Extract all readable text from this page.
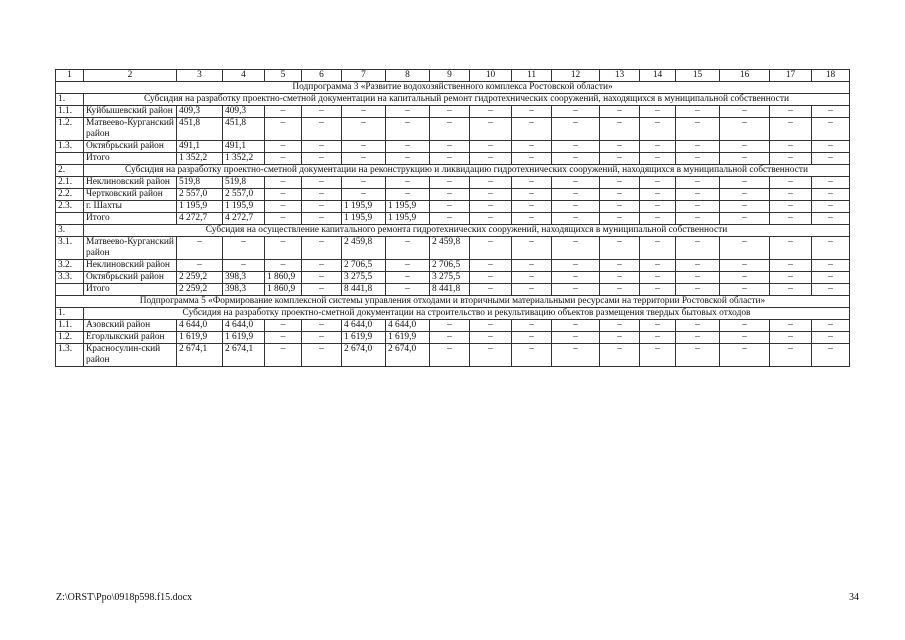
1	2	3	4	5	6	7	8	9	10	11	12	13	14	15	16	17	18
Подпрограмма 3 «Развитие водохозяйственного комплекса Ростовской области»																	
1.	Субсидия на разработку проектно-сметной документации на капитальный ремонт гидротехнических сооружений, находящихся в муниципальной собственности																
1.1.	Куйбышевский район	409,3	409,3	–	–	–	–	–	–	–	–	–	–	–	–	–	–
1.2.	Матвеево-Курганский район	451,8	451,8	–	–	–	–	–	–	–	–	–	–	–	–	–	–
1.3.	Октябрьский район	491,1	491,1	–	–	–	–	–	–	–	–	–	–	–	–	–	–
	Итого	1 352,2	1 352,2	–	–	–	–	–	–	–	–	–	–	–	–	–	–
2.	Субсидия на разработку проектно-сметной документации на реконструкцию и ликвидацию гидротехнических сооружений, находящихся в муниципальной собственности																
2.1.	Неклиновский район	519,8	519,8	–	–	–	–	–	–	–	–	–	–	–	–	–	–
2.2.	Чертковский район	2 557,0	2 557,0	–	–	–	–	–	–	–	–	–	–	–	–	–	–
2.3.	г. Шахты	1 195,9	1 195,9	–	–	1 195,9	1 195,9	–	–	–	–	–	–	–	–	–	–
	Итого	4 272,7	4 272,7	–	–	1 195,9	1 195,9	–	–	–	–	–	–	–	–	–	–
3.	Субсидия на осуществление капитального ремонта гидротехнических сооружений, находящихся в муниципальной собственности																
3.1.	Матвеево-Курганский район	–	–	–	–	2 459,8	–	2 459,8	–	–	–	–	–	–	–	–	–
3.2.	Неклиновский район	–	–	–	–	2 706,5	–	2 706,5	–	–	–	–	–	–	–	–	–
3.3.	Октябрьский район	2 259,2	398,3	1 860,9	–	3 275,5	–	3 275,5	–	–	–	–	–	–	–	–	–
	Итого	2 259,2	398,3	1 860,9	–	8 441,8	–	8 441,8	–	–	–	–	–	–	–	–	–
Подпрограмма 5 «Формирование комплексной системы управления отходами и вторичными материальными ресурсами на территории Ростовской области»																	
1.	Субсидия на разработку проектно-сметной документации на строительство и рекультивацию объектов размещения твердых бытовых отходов																
1.1.	Азовский район	4 644,0	4 644,0	–	–	4 644,0	4 644,0	–	–	–	–	–	–	–	–	–	–
1.2.	Егорлыкский район	1 619,9	1 619,9	–	–	1 619,9	1 619,9	–	–	–	–	–	–	–	–	–	–
1.3.	Красносулин-ский район	2 674,1	2 674,1	–	–	2 674,0	2 674,0	–	–	–	–	–	–	–	–	–	–
Z:\ORST\Ppo\0918p598.f15.docx	34
